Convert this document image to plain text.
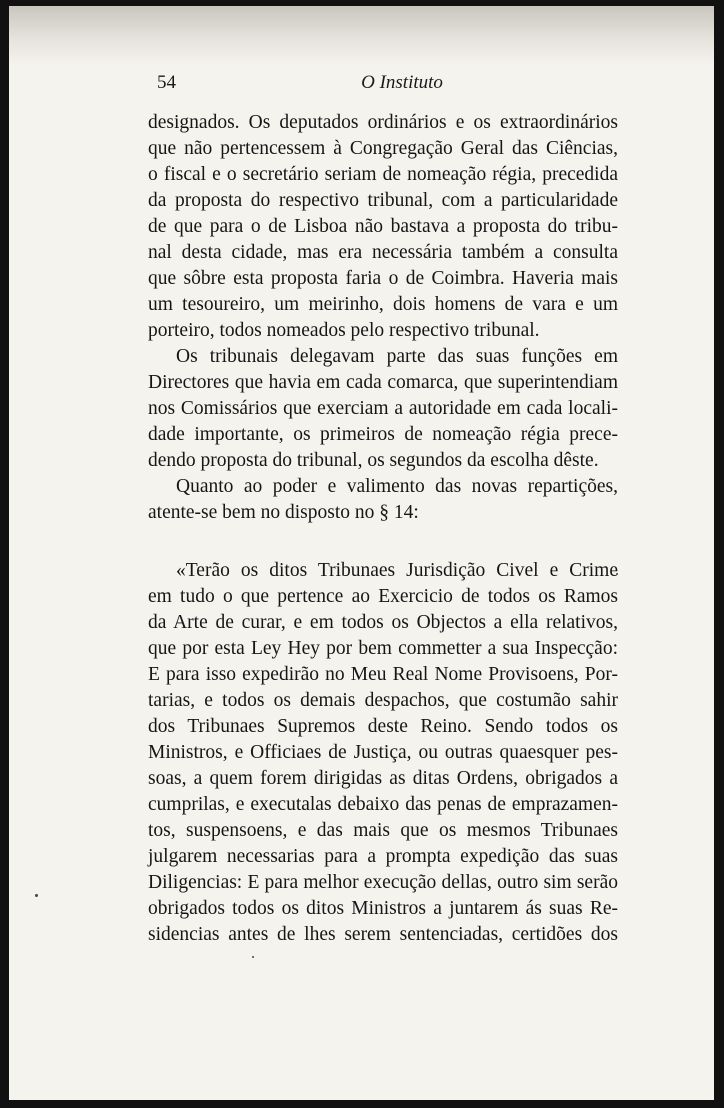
54	O Instituto
designados. Os deputados ordinários e os extraordinários
que não pertencessem à Congregação Geral das Ciências,
o fiscal e o secretário seriam de nomeação régia, precedida
da proposta do respectivo tribunal, com a particularidade
de que para o de Lisboa não bastava a proposta do tribu-
nal desta cidade, mas era necessária também a consulta
que sôbre esta proposta faria o de Coimbra. Haveria mais
um tesoureiro, um meirinho, dois homens de vara e um
porteiro, todos nomeados pelo respectivo tribunal.
Os tribunais delegavam parte das suas funções em
Directores que havia em cada comarca, que superintendiam
nos Comissários que exerciam a autoridade em cada locali-
dade importante, os primeiros de nomeação régia prece-
dendo proposta do tribunal, os segundos da escolha dêste.
Quanto ao poder e valimento das novas repartições,
atente-se bem no disposto no § 14:
«Terão os ditos Tribunaes Jurisdição Civel e Crime
em tudo o que pertence ao Exercicio de todos os Ramos
da Arte de curar, e em todos os Objectos a ella relativos,
que por esta Ley Hey por bem commetter a sua Inspecção:
E para isso expedirão no Meu Real Nome Provisoens, Por-
tarias, e todos os demais despachos, que costumão sahir
dos Tribunaes Supremos deste Reino. Sendo todos os
Ministros, e Officiaes de Justiça, ou outras quaesquer pes-
soas, a quem forem dirigidas as ditas Ordens, obrigados a
cumprilas, e executalas debaixo das penas de emprazamen-
tos, suspensoens, e das mais que os mesmos Tribunaes
julgarem necessarias para a prompta expedição das suas
Diligencias: E para melhor execução dellas, outro sim serão
obrigados todos os ditos Ministros a juntarem ás suas Re-
sidencias antes de lhes serem sentenciadas, certidões dos
